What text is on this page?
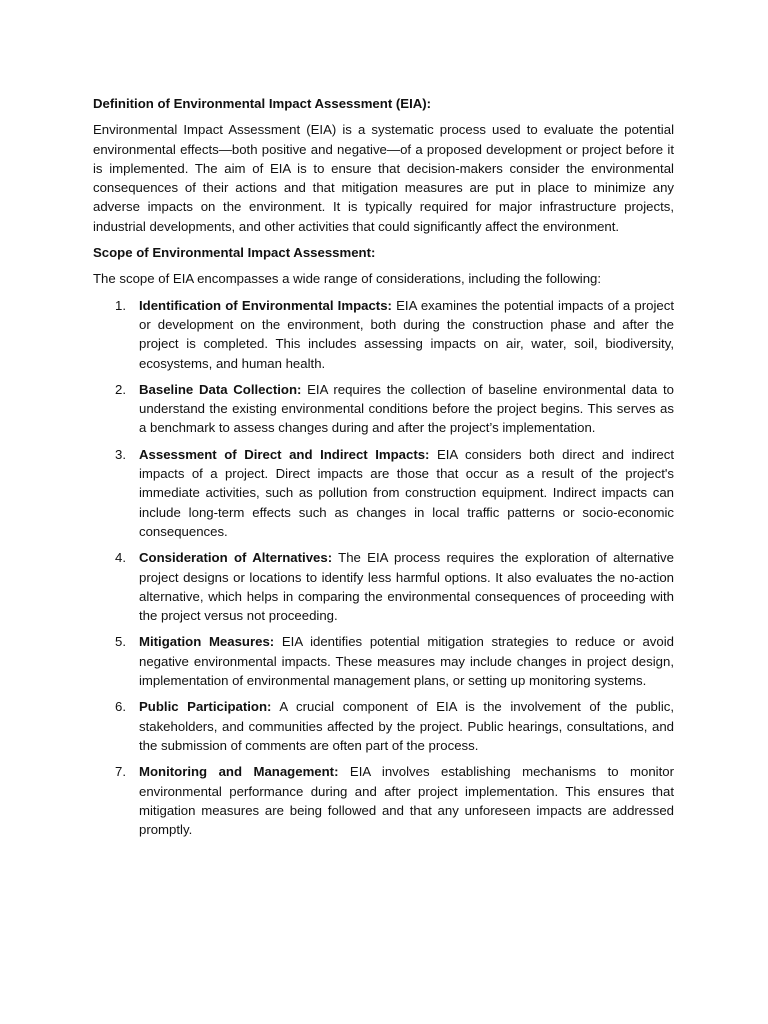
Definition of Environmental Impact Assessment (EIA):

Environmental Impact Assessment (EIA) is a systematic process used to evaluate the potential environmental effects—both positive and negative—of a proposed development or project before it is implemented. The aim of EIA is to ensure that decision-makers consider the environmental consequences of their actions and that mitigation measures are put in place to minimize any adverse impacts on the environment. It is typically required for major infrastructure projects, industrial developments, and other activities that could significantly affect the environment.

Scope of Environmental Impact Assessment:

The scope of EIA encompasses a wide range of considerations, including the following:

1. Identification of Environmental Impacts: EIA examines the potential impacts of a project or development on the environment, both during the construction phase and after the project is completed. This includes assessing impacts on air, water, soil, biodiversity, ecosystems, and human health.
2. Baseline Data Collection: EIA requires the collection of baseline environmental data to understand the existing environmental conditions before the project begins. This serves as a benchmark to assess changes during and after the project’s implementation.
3. Assessment of Direct and Indirect Impacts: EIA considers both direct and indirect impacts of a project. Direct impacts are those that occur as a result of the project's immediate activities, such as pollution from construction equipment. Indirect impacts can include long-term effects such as changes in local traffic patterns or socio-economic consequences.
4. Consideration of Alternatives: The EIA process requires the exploration of alternative project designs or locations to identify less harmful options. It also evaluates the no-action alternative, which helps in comparing the environmental consequences of proceeding with the project versus not proceeding.
5. Mitigation Measures: EIA identifies potential mitigation strategies to reduce or avoid negative environmental impacts. These measures may include changes in project design, implementation of environmental management plans, or setting up monitoring systems.
6. Public Participation: A crucial component of EIA is the involvement of the public, stakeholders, and communities affected by the project. Public hearings, consultations, and the submission of comments are often part of the process.
7. Monitoring and Management: EIA involves establishing mechanisms to monitor environmental performance during and after project implementation. This ensures that mitigation measures are being followed and that any unforeseen impacts are addressed promptly.
